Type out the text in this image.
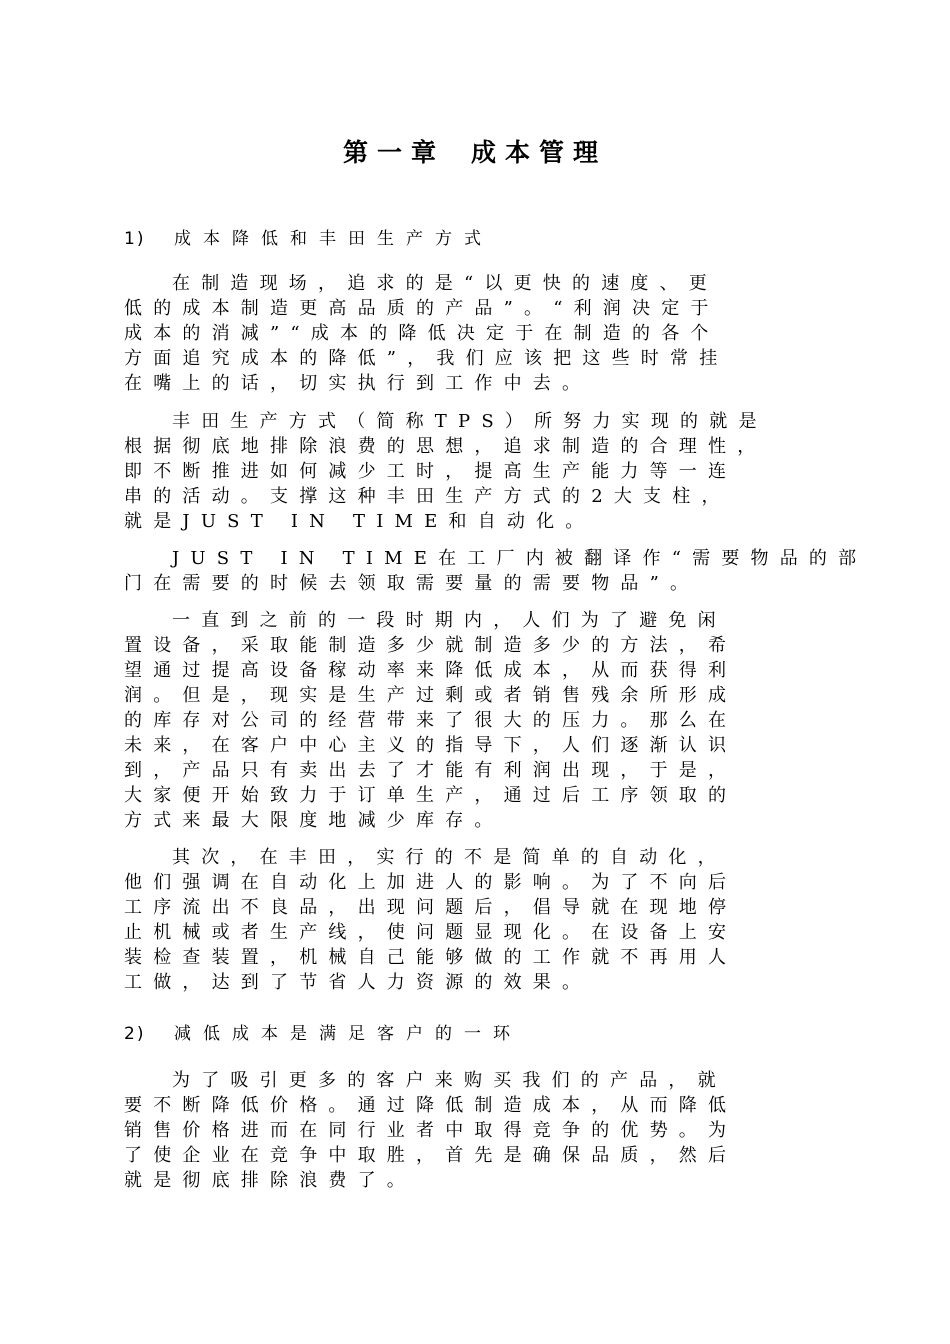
第一章 成本管理
1) 成本降低和丰田生产方式
在制造现场，追求的是“以更快的速度、更
低的成本制造更高品质的产品”。“利润决定于
成本的消减”“成本的降低决定于在制造的各个
方面追究成本的降低”，我们应该把这些时常挂
在嘴上的话，切实执行到工作中去。
丰田生产方式（简称TPS）所努力实现的就是
根据彻底地排除浪费的思想，追求制造的合理性，
即不断推进如何减少工时，提高生产能力等一连
串的活动。支撑这种丰田生产方式的2大支柱，
就是JUST IN TIME和自动化。
JUST IN TIME在工厂内被翻译作“需要物品的部
门在需要的时候去领取需要量的需要物品”。
一直到之前的一段时期内，人们为了避免闲
置设备，采取能制造多少就制造多少的方法，希
望通过提高设备稼动率来降低成本，从而获得利
润。但是，现实是生产过剩或者销售残余所形成
的库存对公司的经营带来了很大的压力。那么在
未来，在客户中心主义的指导下，人们逐渐认识
到，产品只有卖出去了才能有利润出现，于是，
大家便开始致力于订单生产，通过后工序领取的
方式来最大限度地减少库存。
其次，在丰田，实行的不是简单的自动化，
他们强调在自动化上加进人的影响。为了不向后
工序流出不良品，出现问题后，倡导就在现地停
止机械或者生产线，使问题显现化。在设备上安
装检查装置，机械自己能够做的工作就不再用人
工做，达到了节省人力资源的效果。
2) 减低成本是满足客户的一环
为了吸引更多的客户来购买我们的产品，就
要不断降低价格。通过降低制造成本，从而降低
销售价格进而在同行业者中取得竞争的优势。为
了使企业在竞争中取胜，首先是确保品质，然后
就是彻底排除浪费了。
